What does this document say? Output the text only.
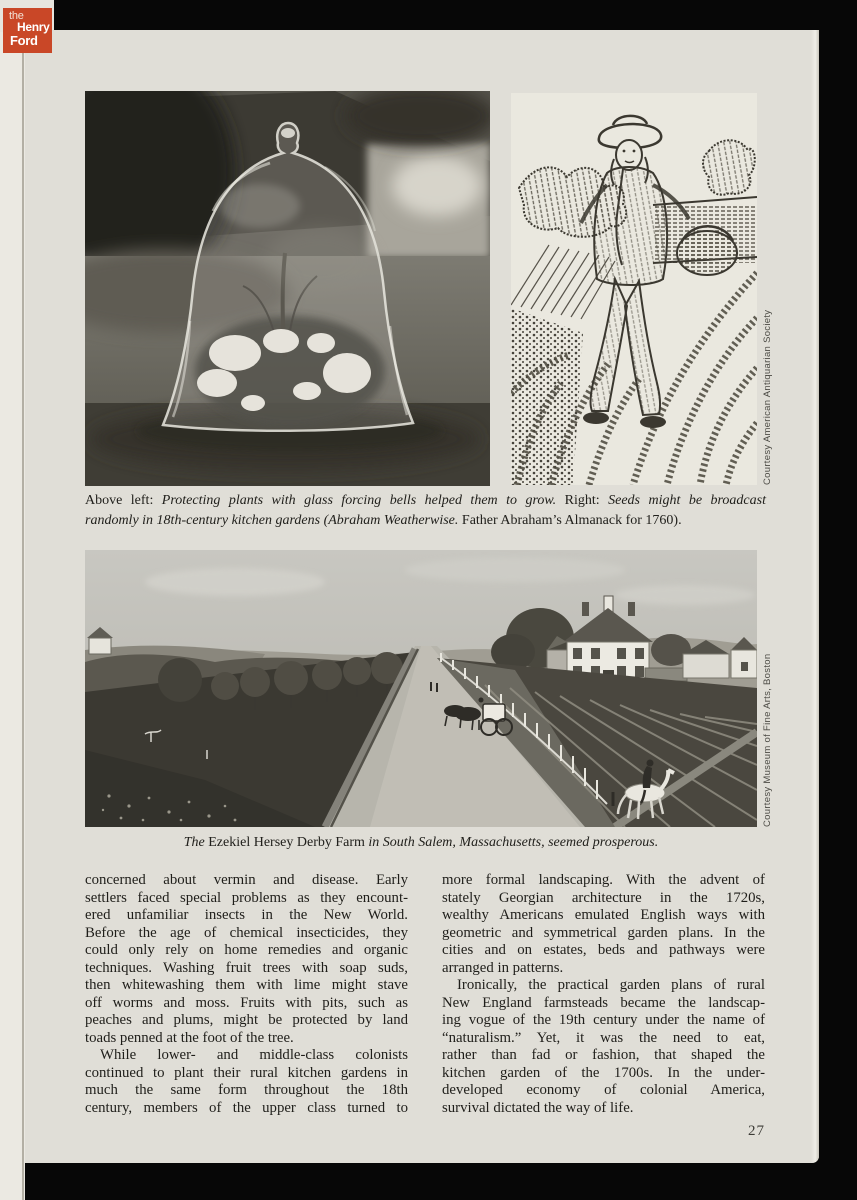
Courtesy American Antiquarian Society
Above left: Protecting plants with glass forcing bells helped them to grow. Right: Seeds might be broadcast
randomly in 18th-century kitchen gardens (Abraham Weatherwise. Father Abraham’s Almanack for 1760).
Courtesy Museum of Fine Arts, Boston
The Ezekiel Hersey Derby Farm in South Salem, Massachusetts, seemed prosperous.
concerned about vermin and disease. Early
settlers faced special problems as they encount-
ered unfamiliar insects in the New World.
Before the age of chemical insecticides, they
could only rely on home remedies and organic
techniques. Washing fruit trees with soap suds,
then whitewashing them with lime might stave
off worms and moss. Fruits with pits, such as
peaches and plums, might be protected by land
toads penned at the foot of the tree.
While lower- and middle-class colonists
continued to plant their rural kitchen gardens in
much the same form throughout the 18th
century, members of the upper class turned to
more formal landscaping. With the advent of
stately Georgian architecture in the 1720s,
wealthy Americans emulated English ways with
geometric and symmetrical garden plans. In the
cities and on estates, beds and pathways were
arranged in patterns.
Ironically, the practical garden plans of rural
New England farmsteads became the landscap-
ing vogue of the 19th century under the name of
“naturalism.” Yet, it was the need to eat,
rather than fad or fashion, that shaped the
kitchen garden of the 1700s. In the under-
developed economy of colonial America,
survival dictated the way of life.
27
the
Henry
Ford
